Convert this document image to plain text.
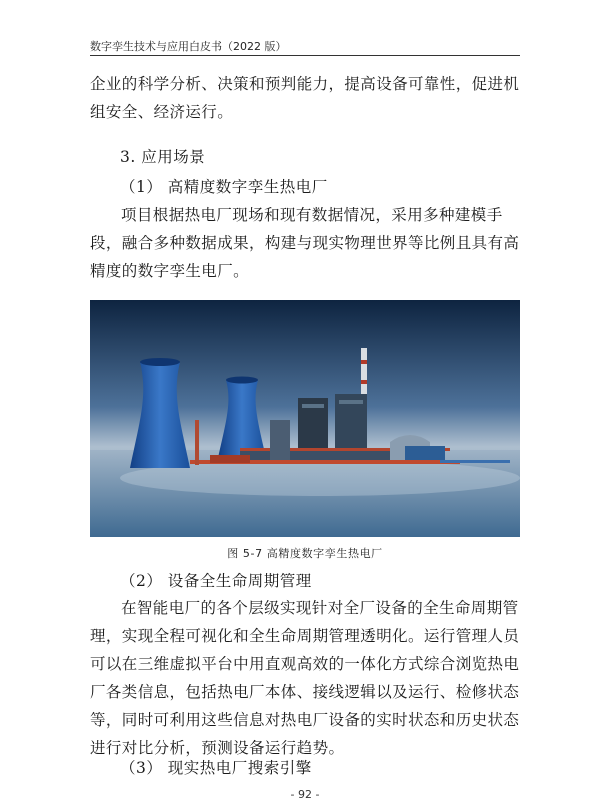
数字孪生技术与应用白皮书（2022 版）
企业的科学分析、决策和预判能力，提高设备可靠性，促进机组安全、经济运行。
3. 应用场景
（1） 高精度数字孪生热电厂
项目根据热电厂现场和现有数据情况，采用多种建模手段，融合多种数据成果，构建与现实物理世界等比例且具有高精度的数字孪生电厂。
图 5-7 高精度数字孪生热电厂
（2） 设备全生命周期管理
在智能电厂的各个层级实现针对全厂设备的全生命周期管理，实现全程可视化和全生命周期管理透明化。运行管理人员可以在三维虚拟平台中用直观高效的一体化方式综合浏览热电厂各类信息，包括热电厂本体、接线逻辑以及运行、检修状态等，同时可利用这些信息对热电厂设备的实时状态和历史状态进行对比分析，预测设备运行趋势。
（3） 现实热电厂搜索引擎
- 92 -
